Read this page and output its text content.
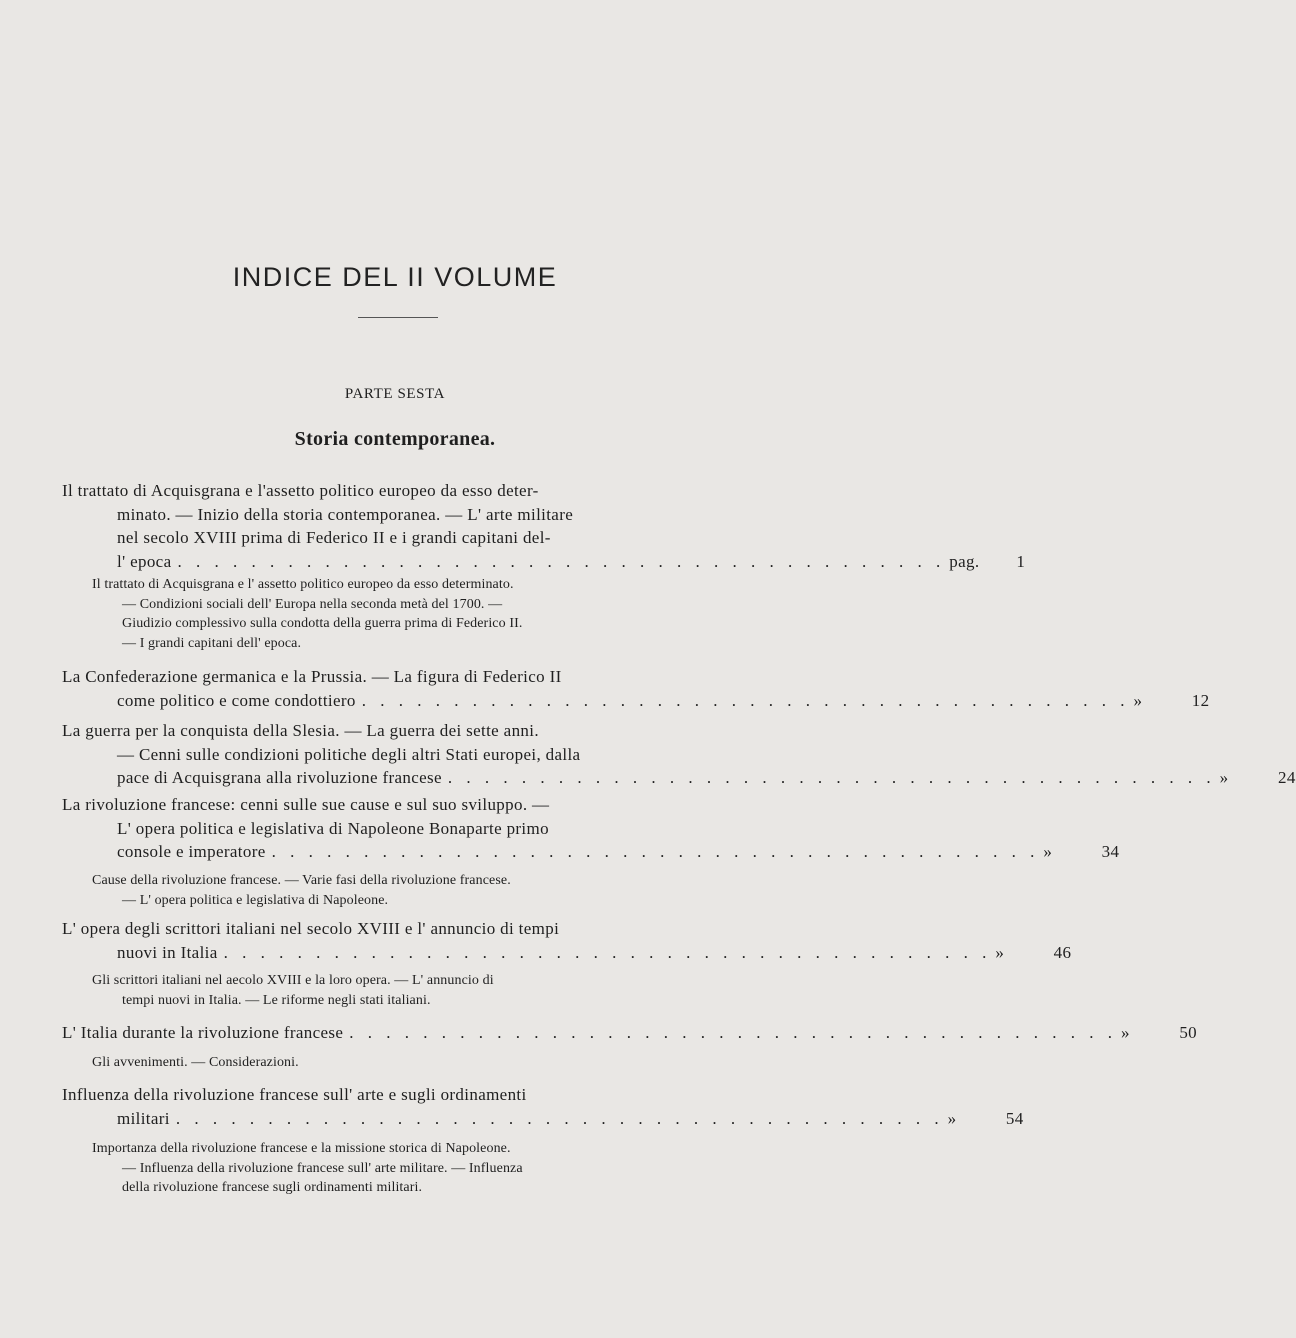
INDICE DEL II VOLUME
PARTE SESTA
Storia contemporanea.
Il trattato di Acquisgrana e l'assetto politico europeo da esso deter-
minato. — Inizio della storia contemporanea. — L' arte militare
nel secolo XVIII prima di Federico II e i grandi capitani del-
l' epoca . . . . . . . . . . . . . . . . . . . . . . . . . . . . . . . . . . . . . . . . . . pag.	1
Il trattato di Acquisgrana e l' assetto politico europeo da esso determinato.
— Condizioni sociali dell' Europa nella seconda metà del 1700. —
Giudizio complessivo sulla condotta della guerra prima di Federico II.
— I grandi capitani dell' epoca.
La Confederazione germanica e la Prussia. — La figura di Federico II
come politico e come condottiero . . . . . . . . . . . . . . . . . . . . . . . . . . . . . . . . . . . . . . . . . . »	12
La guerra per la conquista della Slesia. — La guerra dei sette anni.
— Cenni sulle condizioni politiche degli altri Stati europei, dalla
pace di Acquisgrana alla rivoluzione francese . . . . . . . . . . . . . . . . . . . . . . . . . . . . . . . . . . . . . . . . . . »	24
La rivoluzione francese: cenni sulle sue cause e sul suo sviluppo. —
L' opera politica e legislativa di Napoleone Bonaparte primo
console e imperatore . . . . . . . . . . . . . . . . . . . . . . . . . . . . . . . . . . . . . . . . . . »	34
Cause della rivoluzione francese. — Varie fasi della rivoluzione francese.
— L' opera politica e legislativa di Napoleone.
L' opera degli scrittori italiani nel secolo XVIII e l' annuncio di tempi
nuovi in Italia . . . . . . . . . . . . . . . . . . . . . . . . . . . . . . . . . . . . . . . . . . »	46
Gli scrittori italiani nel aecolo XVIII e la loro opera. — L' annuncio di
tempi nuovi in Italia. — Le riforme negli stati italiani.
L' Italia durante la rivoluzione francese . . . . . . . . . . . . . . . . . . . . . . . . . . . . . . . . . . . . . . . . . . »	50
Gli avvenimenti. — Considerazioni.
Influenza della rivoluzione francese sull' arte e sugli ordinamenti
militari . . . . . . . . . . . . . . . . . . . . . . . . . . . . . . . . . . . . . . . . . . »	54
Importanza della rivoluzione francese e la missione storica di Napoleone.
— Influenza della rivoluzione francese sull' arte militare. — Influenza
della rivoluzione francese sugli ordinamenti militari.
